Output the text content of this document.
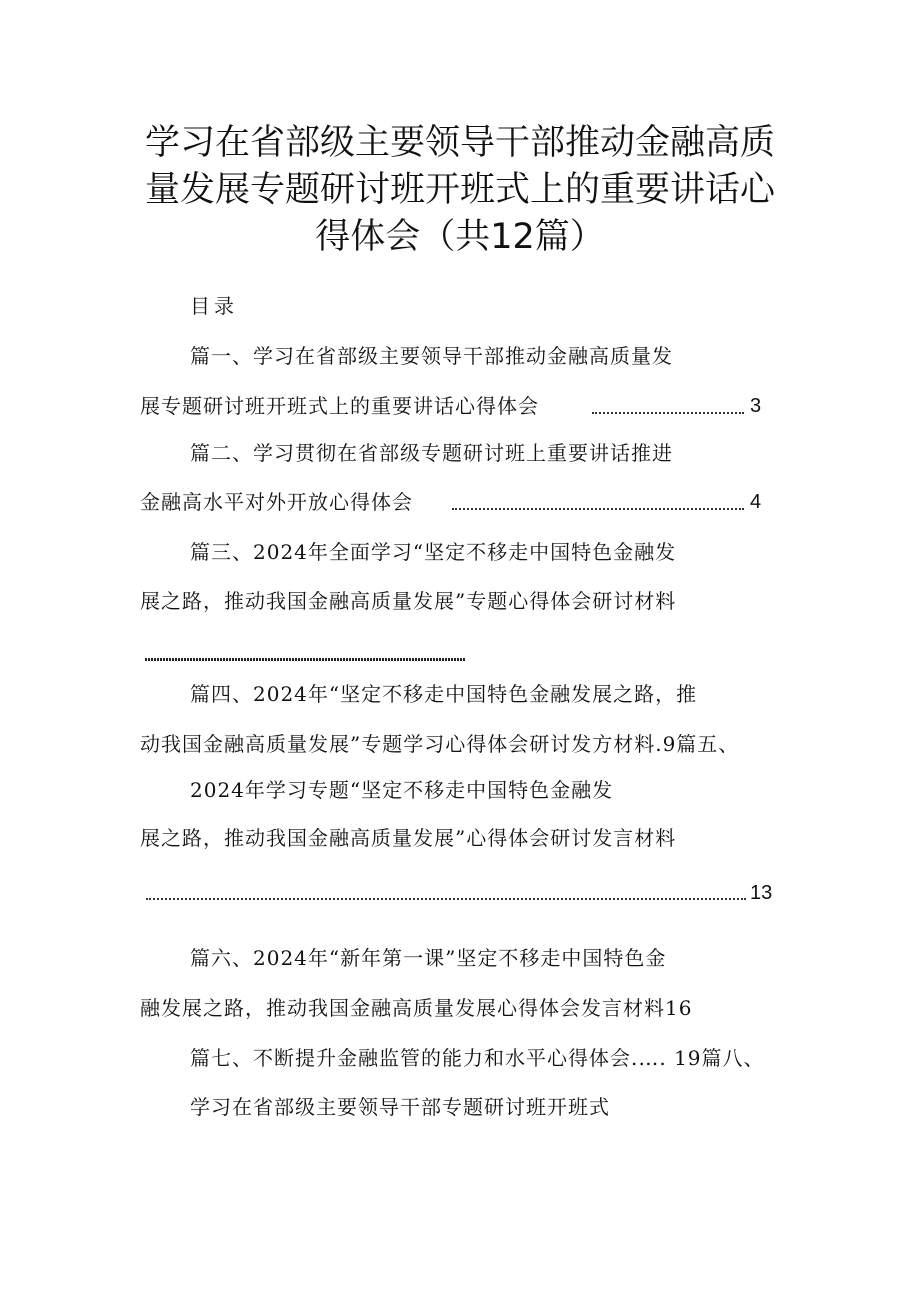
学习在省部级主要领导干部推动金融高质
量发展专题研讨班开班式上的重要讲话心
得体会（共12篇）
目录
篇一、学习在省部级主要领导干部推动金融高质量发
展专题研讨班开班式上的重要讲话心得体会	3
篇二、学习贯彻在省部级专题研讨班上重要讲话推进
金融高水平对外开放心得体会	4
篇三、2024年全面学习“坚定不移走中国特色金融发
展之路，推动我国金融高质量发展”专题心得体会研讨材料
篇四、2024年“坚定不移走中国特色金融发展之路，推
动我国金融高质量发展”专题学习心得体会研讨发方材料.9篇五、
2024年学习专题“坚定不移走中国特色金融发
展之路，推动我国金融高质量发展”心得体会研讨发言材料
13
篇六、2024年“新年第一课”坚定不移走中国特色金
融发展之路，推动我国金融高质量发展心得体会发言材料16
篇七、不断提升金融监管的能力和水平心得体会.…. 19篇八、
学习在省部级主要领导干部专题研讨班开班式
